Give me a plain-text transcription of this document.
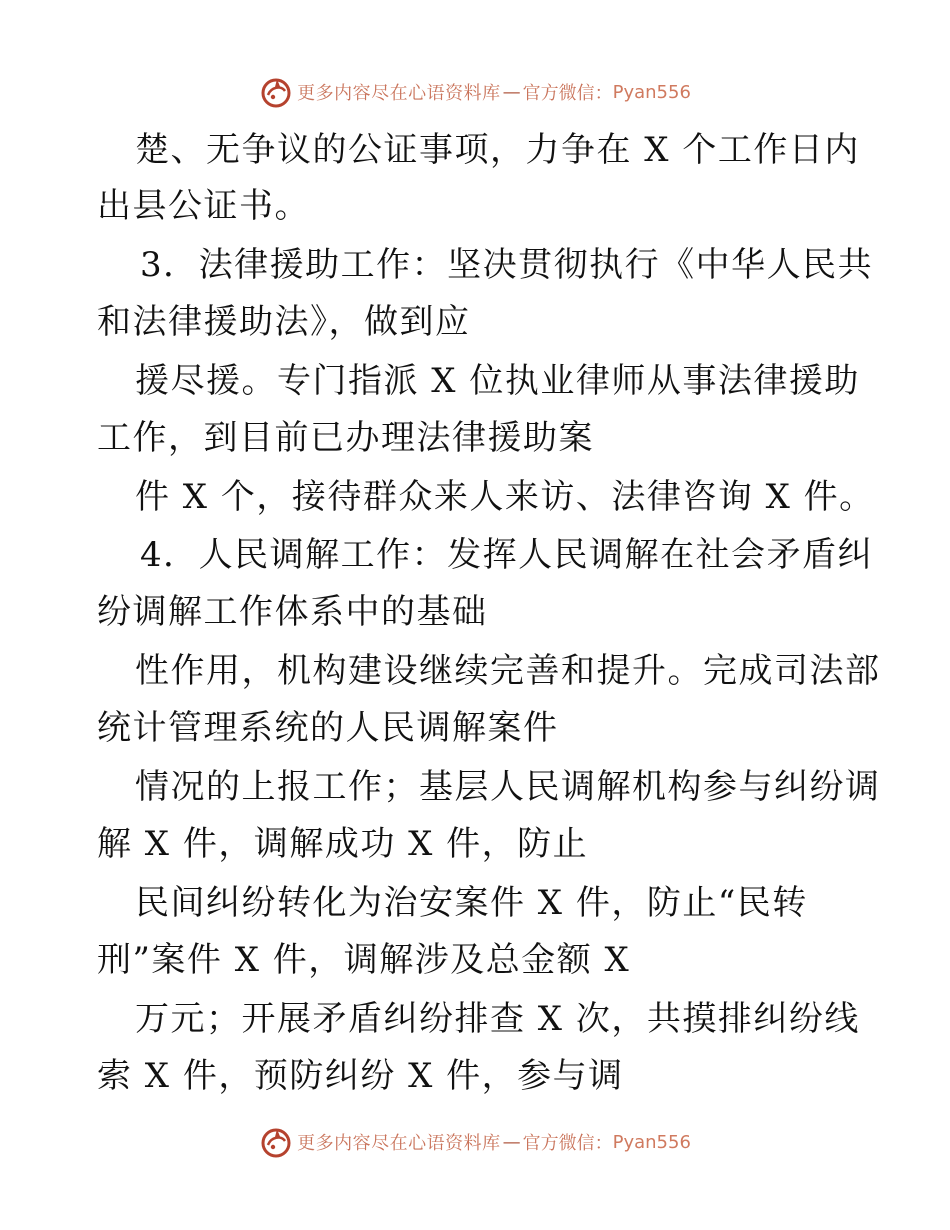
更多内容尽在心语资料库 — 官方微信： Pyan556
楚、无争议的公证事项，力争在 X 个工作日内
出县公证书。
3．法律援助工作：坚决贯彻执行《中华人民共
和法律援助法》，做到应
援尽援。专门指派 X 位执业律师从事法律援助
工作，到目前已办理法律援助案
件 X 个，接待群众来人来访、法律咨询 X 件。
4．人民调解工作：发挥人民调解在社会矛盾纠
纷调解工作体系中的基础
性作用，机构建设继续完善和提升。完成司法部
统计管理系统的人民调解案件
情况的上报工作；基层人民调解机构参与纠纷调
解 X 件，调解成功 X 件，防止
民间纠纷转化为治安案件 X 件，防止“民转
刑”案件 X 件，调解涉及总金额 X
万元；开展矛盾纠纷排查 X 次，共摸排纠纷线
索 X 件，预防纠纷 X 件，参与调
更多内容尽在心语资料库 — 官方微信： Pyan556
